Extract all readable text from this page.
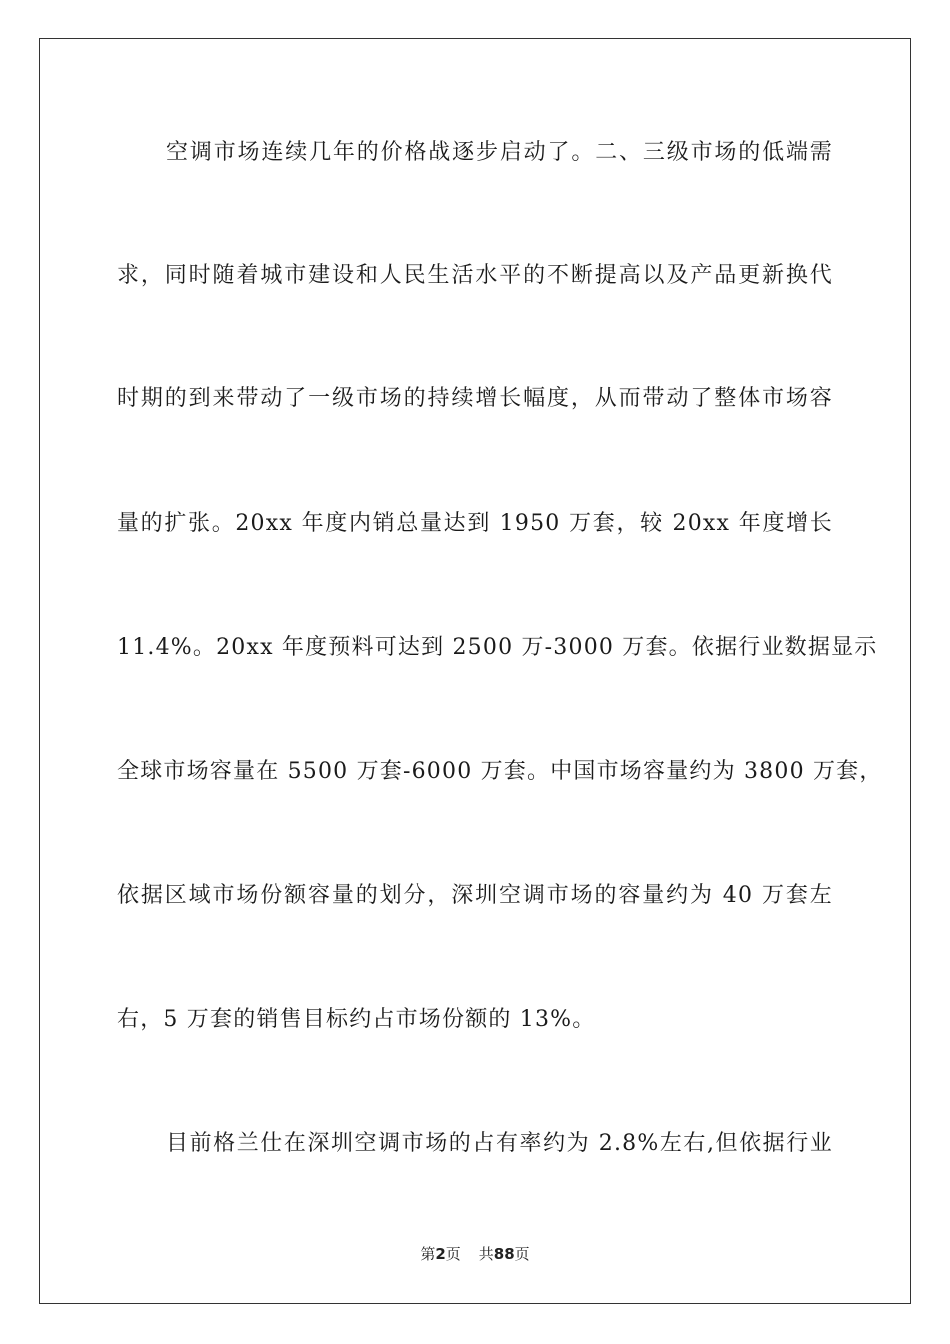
空调市场连续几年的价格战逐步启动了。二、三级市场的低端需
求，同时随着城市建设和人民生活水平的不断提高以及产品更新换代
时期的到来带动了一级市场的持续增长幅度，从而带动了整体市场容
量的扩张。20xx 年度内销总量达到 1950 万套，较 20xx 年度增长
11.4%。20xx 年度预料可达到 2500 万-3000 万套。依据行业数据显示
全球市场容量在 5500 万套-6000 万套。中国市场容量约为 3800 万套，
依据区域市场份额容量的划分，深圳空调市场的容量约为 40 万套左
右，5 万套的销售目标约占市场份额的 13%。
目前格兰仕在深圳空调市场的占有率约为 2.8%左右,但依据行业
第2页 共88页
